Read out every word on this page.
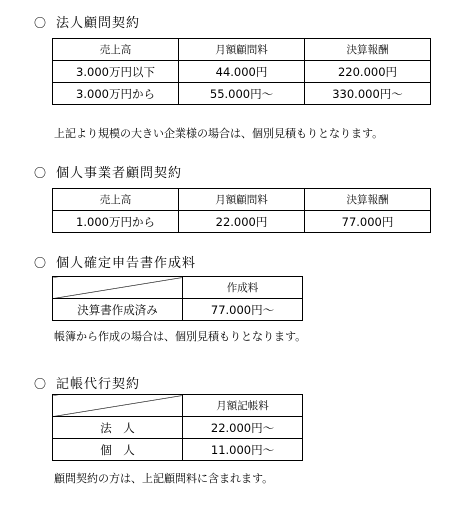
〇 法人顧問契約
売上高	月額顧問料	決算報酬
3.000万円以下	44.000円	220.000円
3.000万円から	55.000円～	330.000円～
上記より規模の大きい企業様の場合は、個別見積もりとなります。
〇 個人事業者顧問契約
売上高	月額顧問料	決算報酬
1.000万円から	22.000円	77.000円
〇 個人確定申告書作成料
	作成料
決算書作成済み	77.000円～
帳簿から作成の場合は、個別見積もりとなります。
〇 記帳代行契約
	月額記帳料
法　人	22.000円～
個　人	11.000円～
顧問契約の方は、上記顧問料に含まれます。
